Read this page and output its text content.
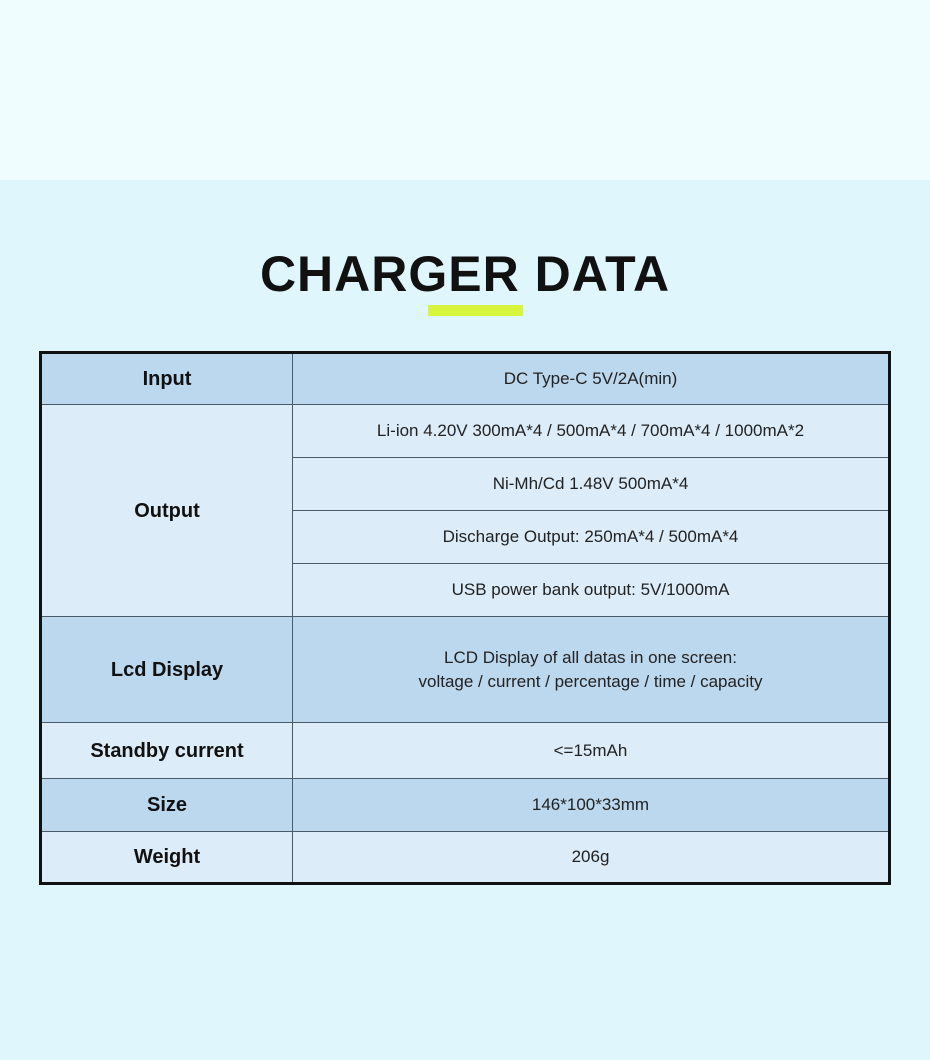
CHARGER DATA
Input	DC Type-C 5V/2A(min)
Output	Li-ion 4.20V 300mA*4 / 500mA*4 / 700mA*4 / 1000mA*2
	Ni-Mh/Cd 1.48V 500mA*4
	Discharge Output: 250mA*4 / 500mA*4
	USB power bank output: 5V/1000mA
Lcd Display	LCD Display of all datas in one screen:
voltage / current / percentage / time / capacity

Standby current	<=15mAh
Size	146*100*33mm
Weight	206g
